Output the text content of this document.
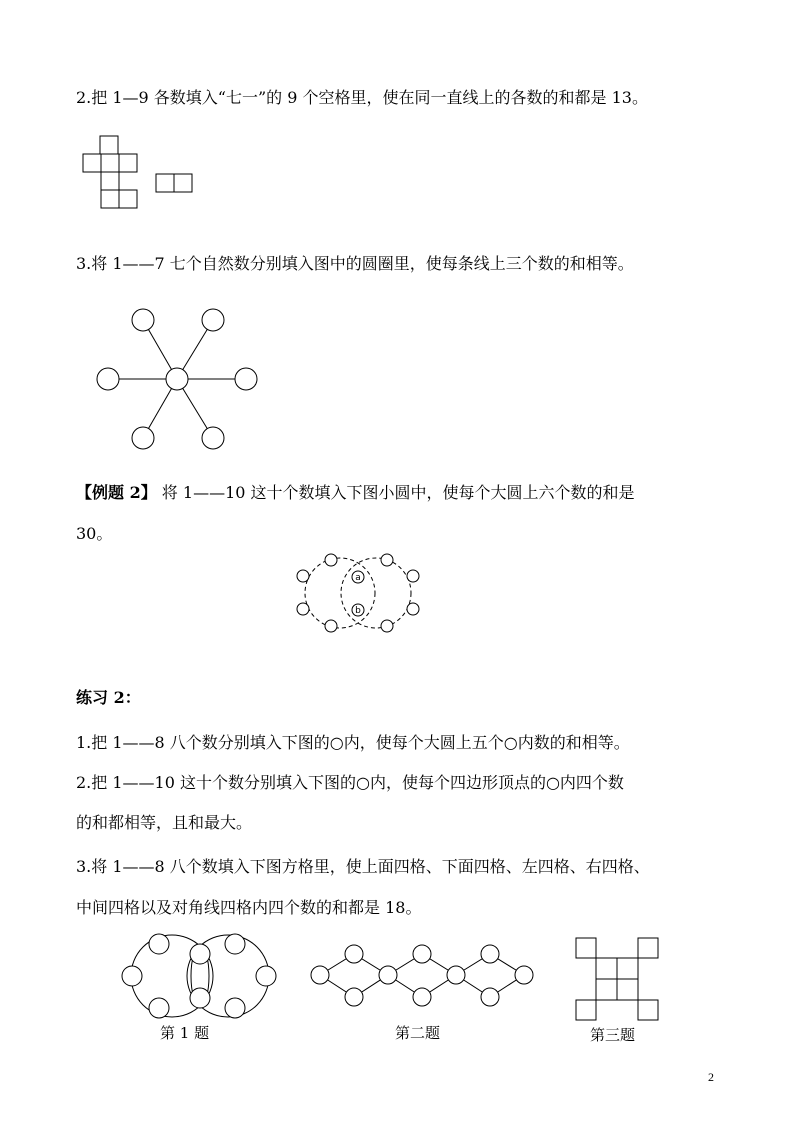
2.把 1—9 各数填入“七一”的 9 个空格里，使在同一直线上的各数的和都是 13。
3.将 1——7 七个自然数分别填入图中的圆圈里，使每条线上三个数的和相等。
【例题 2】 将 1——10 这十个数填入下图小圆中，使每个大圆上六个数的和是
30。
a
b
练习 2：
1.把 1——8 八个数分别填入下图的○内，使每个大圆上五个○内数的和相等。
2.把 1——10 这十个数分别填入下图的○内，使每个四边形顶点的○内四个数
的和都相等，且和最大。
3.将 1——8 八个数填入下图方格里，使上面四格、下面四格、左四格、右四格、
中间四格以及对角线四格内四个数的和都是 18。
第 1 题	第二题	第三题
2
